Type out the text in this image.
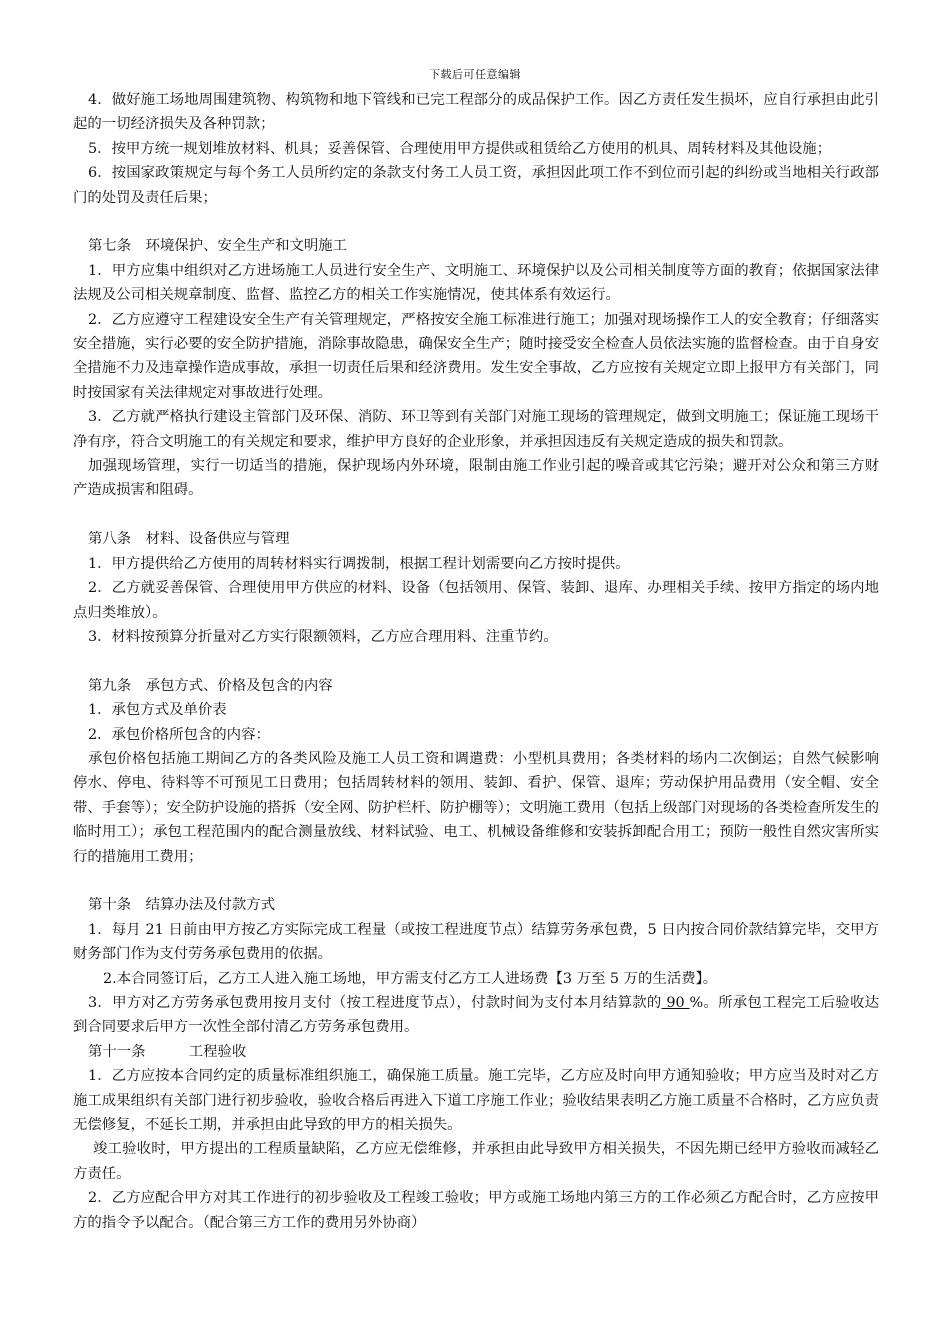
下载后可任意编辑

4．做好施工场地周围建筑物、构筑物和地下管线和已完工程部分的成品保护工作。因乙方责任发生损坏，应自行承担由此引起的一切经济损失及各种罚款；

5．按甲方统一规划堆放材料、机具；妥善保管、合理使用甲方提供或租赁给乙方使用的机具、周转材料及其他设施；

6．按国家政策规定与每个务工人员所约定的条款支付务工人员工资，承担因此项工作不到位而引起的纠纷或当地相关行政部门的处罚及责任后果；

第七条　环境保护、安全生产和文明施工

1．甲方应集中组织对乙方进场施工人员进行安全生产、文明施工、环境保护以及公司相关制度等方面的教育；依据国家法律法规及公司相关规章制度、监督、监控乙方的相关工作实施情况，使其体系有效运行。

2．乙方应遵守工程建设安全生产有关管理规定，严格按安全施工标准进行施工；加强对现场操作工人的安全教育；仔细落实安全措施，实行必要的安全防护措施，消除事故隐患，确保安全生产；随时接受安全检查人员依法实施的监督检查。由于自身安全措施不力及违章操作造成事故，承担一切责任后果和经济费用。发生安全事故，乙方应按有关规定立即上报甲方有关部门，同时按国家有关法律规定对事故进行处理。

3．乙方就严格执行建设主管部门及环保、消防、环卫等到有关部门对施工现场的管理规定，做到文明施工；保证施工现场干净有序，符合文明施工的有关规定和要求，维护甲方良好的企业形象，并承担因违反有关规定造成的损失和罚款。

加强现场管理，实行一切适当的措施，保护现场内外环境，限制由施工作业引起的噪音或其它污染；避开对公众和第三方财产造成损害和阻碍。

第八条　材料、设备供应与管理

1．甲方提供给乙方使用的周转材料实行调拨制，根据工程计划需要向乙方按时提供。

2．乙方就妥善保管、合理使用甲方供应的材料、设备（包括领用、保管、装卸、退库、办理相关手续、按甲方指定的场内地点归类堆放）。

3．材料按预算分折量对乙方实行限额领料，乙方应合理用料、注重节约。

第九条　承包方式、价格及包含的内容

1．承包方式及单价表

2．承包价格所包含的内容：

承包价格包括施工期间乙方的各类风险及施工人员工资和调遣费：小型机具费用；各类材料的场内二次倒运；自然气候影响停水、停电、待料等不可预见工日费用；包括周转材料的领用、装卸、看护、保管、退库；劳动保护用品费用（安全帽、安全带、手套等）；安全防护设施的搭拆（安全网、防护栏杆、防护棚等）；文明施工费用（包括上级部门对现场的各类检查所发生的临时用工）；承包工程范围内的配合测量放线、材料试验、电工、机械设备维修和安装拆卸配合用工；预防一般性自然灾害所实行的措施用工费用；

第十条　结算办法及付款方式

1．每月 21 日前由甲方按乙方实际完成工程量（或按工程进度节点）结算劳务承包费，5 日内按合同价款结算完毕，交甲方财务部门作为支付劳务承包费用的依据。

2.本合同签订后，乙方工人进入施工场地，甲方需支付乙方工人进场费【3 万至 5 万的生活费】。

3．甲方对乙方劳务承包费用按月支付（按工程进度节点），付款时间为支付本月结算款的 90 %。所承包工程完工后验收达到合同要求后甲方一次性全部付清乙方劳务承包费用。

第十一条　　　工程验收

1．乙方应按本合同约定的质量标准组织施工，确保施工质量。施工完毕，乙方应及时向甲方通知验收；甲方应当及时对乙方施工成果组织有关部门进行初步验收，验收合格后再进入下道工序施工作业；验收结果表明乙方施工质量不合格时，乙方应负责无偿修复，不延长工期，并承担由此导致的甲方的相关损失。

竣工验收时，甲方提出的工程质量缺陷，乙方应无偿维修，并承担由此导致甲方相关损失，不因先期已经甲方验收而减轻乙方责任。

2．乙方应配合甲方对其工作进行的初步验收及工程竣工验收；甲方或施工场地内第三方的工作必须乙方配合时，乙方应按甲方的指令予以配合。（配合第三方工作的费用另外协商）
